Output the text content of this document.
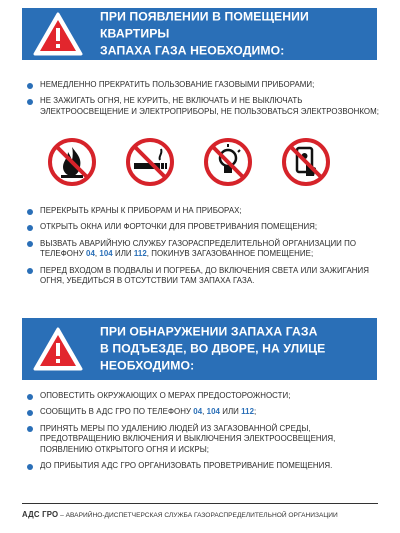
ПРИ ПОЯВЛЕНИИ В ПОМЕЩЕНИИ КВАРТИРЫ
ЗАПАХА ГАЗА НЕОБХОДИМО:
НЕМЕДЛЕННО ПРЕКРАТИТЬ ПОЛЬЗОВАНИЕ ГАЗОВЫМИ ПРИБОРАМИ;
НЕ ЗАЖИГАТЬ ОГНЯ, НЕ КУРИТЬ, НЕ ВКЛЮЧАТЬ И НЕ ВЫКЛЮЧАТЬ ЭЛЕКТРООСВЕЩЕНИЕ И ЭЛЕКТРОПРИБОРЫ, НЕ ПОЛЬЗОВАТЬСЯ ЭЛЕКТРОЗВОНКОМ;
ПЕРЕКРЫТЬ КРАНЫ К ПРИБОРАМ И НА ПРИБОРАХ;
ОТКРЫТЬ ОКНА ИЛИ ФОРТОЧКИ ДЛЯ ПРОВЕТРИВАНИЯ ПОМЕЩЕНИЯ;
ВЫЗВАТЬ АВАРИЙНУЮ СЛУЖБУ ГАЗОРАСПРЕДЕЛИТЕЛЬНОЙ ОРГАНИЗАЦИИ ПО ТЕЛЕФОНУ 04, 104 ИЛИ 112, ПОКИНУВ ЗАГАЗОВАННОЕ ПОМЕЩЕНИЕ;
ПЕРЕД ВХОДОМ В ПОДВАЛЫ И ПОГРЕБА, ДО ВКЛЮЧЕНИЯ СВЕТА ИЛИ ЗАЖИГАНИЯ ОГНЯ, УБЕДИТЬСЯ В ОТСУТСТВИИ ТАМ ЗАПАХА ГАЗА.
ПРИ ОБНАРУЖЕНИИ ЗАПАХА ГАЗА
В ПОДЪЕЗДЕ, ВО ДВОРЕ, НА УЛИЦЕ
НЕОБХОДИМО:
ОПОВЕСТИТЬ ОКРУЖАЮЩИХ О МЕРАХ ПРЕДОСТОРОЖНОСТИ;
СООБЩИТЬ В АДС ГРО ПО ТЕЛЕФОНУ 04, 104 ИЛИ 112;
ПРИНЯТЬ МЕРЫ ПО УДАЛЕНИЮ ЛЮДЕЙ ИЗ ЗАГАЗОВАННОЙ СРЕДЫ, ПРЕДОТВРАЩЕНИЮ ВКЛЮЧЕНИЯ И ВЫКЛЮЧЕНИЯ ЭЛЕКТРООСВЕЩЕНИЯ, ПОЯВЛЕНИЮ ОТКРЫТОГО ОГНЯ И ИСКРЫ;
ДО ПРИБЫТИЯ АДС ГРО ОРГАНИЗОВАТЬ ПРОВЕТРИВАНИЕ ПОМЕЩЕНИЯ.
АДС ГРО – АВАРИЙНО-ДИСПЕТЧЕРСКАЯ СЛУЖБА ГАЗОРАСПРЕДЕЛИТЕЛЬНОЙ ОРГАНИЗАЦИИ
